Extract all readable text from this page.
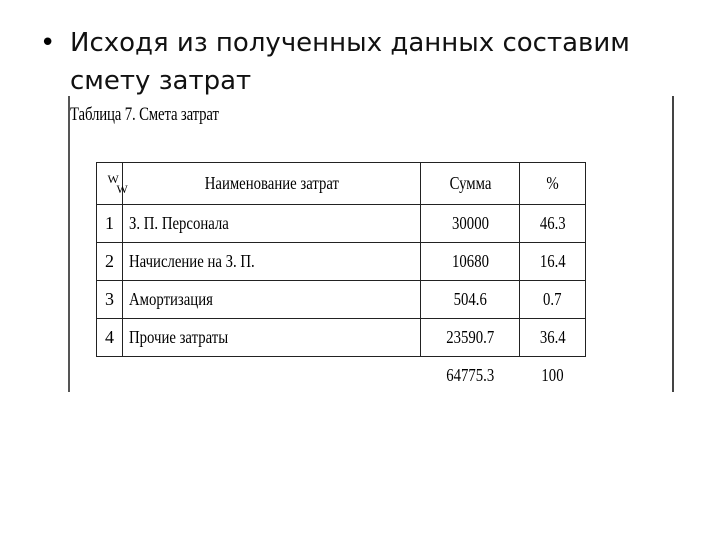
• Исходя из полученных данных составим
смету затрат
Таблица 7. Смета затрат
W
W	Наименование затрат	Сумма	%
1	З. П. Персонала	30000	46.3
2	Начисление на З. П.	10680	16.4
3	Амортизация	504.6	0.7
4	Прочие затраты	23590.7	36.4
		64775.3	100
